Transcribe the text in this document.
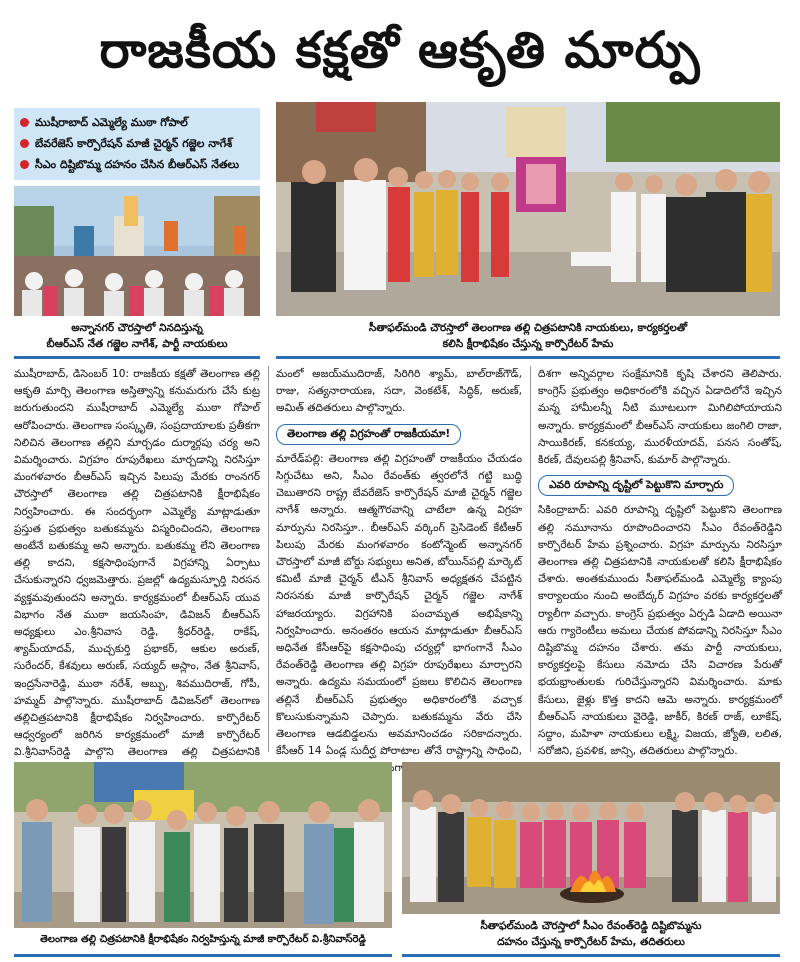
రాజకీయ కక్షతో ఆకృతి మార్పు
ముషీరాబాద్ ఎమ్మెల్యే ముఠా గోపాల్
బేవరేజెస్ కార్పొరేషన్ మాజీ చైర్మన్ గజ్జెల నాగేశ్
సీఎం దిష్టిబొమ్మ దహనం చేసిన బీఆర్ఎస్ నేతలు
అన్నానగర్ చౌరస్తాలో నినదిస్తున్న
బీఆర్ఎస్ నేత గజ్జెల నాగేశ్, పార్టీ నాయకులు
సీతాఫల్‌మండి చౌరస్తాలో తెలంగాణ తల్లి చిత్రపటానికి నాయకులు, కార్యకర్తలతో
కలిసి క్షీరాభిషేకం చేస్తున్న కార్పొరేటర్ హేమ

ముషీరాబాద్, డిసెంబర్ 10: రాజకీయ కక్షతో తెలంగాణ తల్లి ఆకృతి మార్చి తెలంగాణ అస్తిత్వాన్ని కనుమరుగు చేసే కుట్ర జరుగుతుందని ముషీరాబాద్ ఎమ్మెల్యే ముఠా గోపాల్ ఆరోపించారు. తెలంగాణ సంస్కృతి, సంప్రదాయాలకు ప్రతీకగా నిలిచిన తెలంగాణ తల్లిని మార్చడం దుర్మార్గపు చర్య అని విమర్శించారు. విగ్రహం రూపురేఖలు మార్చడాన్ని నిరసిస్తూ మంగళవారం బీఆర్ఎస్ ఇచ్చిన పిలుపు మేరకు రాంనగర్ చౌరస్తాలో తెలంగాణ తల్లి చిత్రపటానికి క్షీరాభిషేకం నిర్వహించారు. ఈ సందర్భంగా ఎమ్మెల్యే మాట్లాడుతూ ప్రస్తుత ప్రభుత్వం బతుకమ్మను విస్మరించిందని, తెలంగాణ అంటేనే బతుకమ్మ అని అన్నారు. బతుకమ్మ లేని తెలంగాణ తల్లి కాదని, కక్షసాధింపుగానే విగ్రహాన్ని ఏర్పాటు చేసుకున్నారని ధ్వజమెత్తారు. ప్రజల్లో ఉద్యమస్ఫూర్తి నిరసన వ్యక్తమవుతుందని అన్నారు. కార్యక్రమంలో బీఆర్ఎస్ యువ విభాగం నేత ముఠా జయసింహ, డివిజన్ బీఆర్ఎస్ అధ్యక్షులు ఎం.శ్రీనివాస రెడ్డి, శ్రీధర్‌రెడ్డి, రాకేష్, శ్యామ్‌యాదవ్, ముచ్చకుర్తి ప్రభాకర్, ఆకుల అరుణ్, సురేందర్, కేశవులు అరుణ్, సయ్యద్ అస్లాం, నేత శ్రీనివాస్, ఇంద్రసేనారెడ్డి, ముఠా నరేశ్, అబ్బు, శివముదిరాజ్, గోపీ, హమ్మద్ పాల్గొన్నారు. ముషీరాబాద్ డివిజన్‌లో తెలంగాణ తల్లిచిత్రపటానికి క్షీరాభిషేకం నిర్వహించారు. కార్పొరేటర్ ఆధ్వర్యంలో జరిగిన కార్యక్రమంలో మాజీ కార్పొరేటర్ వి.శ్రీనివాస్‌రెడ్డి పాల్గొని తెలంగాణ తల్లి చిత్రపటానికి

మంలో అజయ్‌ముదిరాజ్, సిరిగిరి శ్యామ్, బాల్‌రాజ్‌గౌడ్, రాజు, సత్యనారాయణ, సదా, వెంకటేశ్, సిద్ధిక్, అరుణ్, అమిత్ తదితరులు పాల్గొన్నారు.

తెలంగాణ తల్లి విగ్రహంతో రాజకీయమా!

మారేడ్‌పల్లి: తెలంగాణ తల్లి విగ్రహంతో రాజకీయం చేయడం సిగ్గుచేటు అని, సీఎం రేవంత్‌కు త్వరలోనే గట్టి బుద్ధి చెబుతారని రాష్ట్ర బేవరేజెస్ కార్పొరేషన్ మాజీ చైర్మన్ గజ్జెల నాగేశ్ అన్నారు. ఆత్మగౌరవాన్ని చాటేలా ఉన్న విగ్రహ మార్పును నిరసిస్తూ.. బీఆర్ఎస్ వర్కింగ్ ప్రెసిడెంట్ కేటీఆర్ పిలుపు మేరకు మంగళవారం కంటోన్మెంట్ అన్నానగర్ చౌరస్తాలో మాజీ బోర్డు సభ్యులు అనిత, బోయిన్‌పల్లి మార్కెట్ కమిటీ మాజీ చైర్మన్ టీఎన్ శ్రీనివాస్ అధ్యక్షతన చేపట్టిన నిరసనకు మాజీ కార్పొరేషన్ చైర్మన్ గజ్జెల నాగేశ్ హాజరయ్యారు. విగ్రహానికి పంచామృత అభిషేకాన్ని నిర్వహించారు. అనంతరం ఆయన మాట్లాడుతూ బీఆర్ఎస్ అధినేత కేసీఆర్‌పై కక్షసాధింపు చర్యల్లో భాగంగానే సీఎం రేవంత్‌రెడ్డి తెలంగాణ తల్లి విగ్రహ రూపురేఖలు మార్చారని అన్నారు. ఉద్యమ సమయంలో ప్రజలు కొలిచిన తెలంగాణ తల్లినే బీఆర్ఎస్ ప్రభుత్వం అధికారంలోకి వచ్చాక కొలుసుకున్నామని చెప్పారు. బతుకమ్మను వేరు చేసి తెలంగాణ ఆడబిడ్డలను అవమానించడం సరికాదన్నారు. కేసీఆర్ 14 ఏండ్ల సుదీర్ఘ పోరాటాల తోనే రాష్ట్రాన్ని సాధించి, బంగారు

దిశగా అన్నివర్గాల సంక్షేమానికి కృషి చేశారని తెలిపారు. కాంగ్రెస్ ప్రభుత్వం అధికారంలోకి వచ్చిన ఏడాదిలోనే ఇచ్చిన మన్న హామీలన్నీ నీటి మూటలుగా మిగిలిపోయాయని అన్నారు. కార్యక్రమంలో బీఆర్ఎస్ నాయకులు జంగిలి రాజా, సాయికిరణ్, కనకయ్య, మురళీయాదవ్, పనస సంతోష్, కిరణ్, దేవులపల్లి శ్రీనివాస్, కుమార్ పాల్గొన్నారు.

ఎవరి రూపాన్ని దృష్టిలో పెట్టుకొని మార్చారు

సికింద్రాబాద్: ఎవరి రూపాన్ని దృష్టిలో పెట్టుకొని తెలంగాణ తల్లి నమూనాను రూపొందించారని సీఎం రేవంత్‌రెడ్డిని కార్పొరేటర్ హేమ ప్రశ్నించారు. విగ్రహ మార్పును నిరసిస్తూ తెలంగాణ తల్లి చిత్రపటానికి నాయకులతో కలిసి క్షీరాభిషేకం చేశారు. అంతకుముందు సీతాఫల్‌మండి ఎమ్మెల్యే క్యాంపు కార్యాలయం నుంచి అంబేద్కర్ విగ్రహం వరకు కార్యకర్తలతో ర్యాలీగా వచ్చారు. కాంగ్రెస్ ప్రభుత్వం ఏర్పడి ఏడాది అయినా ఆరు గ్యారెంటీలు అమలు చేయక పోవడాన్ని నిరసిస్తూ సీఎం దిష్టిబొమ్మ దహనం చేశారు. తమ పార్టీ నాయకులు, కార్యకర్తలపై కేసులు నమోదు చేసి విచారణ పేరుతో భయభ్రాంతులకు గురిచేస్తున్నారని విమర్శించారు. మాకు కేసులు, జైళ్లు కొత్త కాదని ఆమె అన్నారు. కార్యక్రమంలో బీఆర్ఎస్ నాయకులు వైరెడ్డి, జాకీర్, కిరణ్ రాజ్, లూకేష్, సద్దాం, మహిళా నాయకులు లక్ష్మి, విజయ, జ్యోతి, లలిత, సరోజిని, ప్రవళిక, జాన్సి, తదితరులు పాల్గొన్నారు.

తెలంగాణ తల్లి చిత్రపటానికి క్షీరాభిషేకం నిర్వహిస్తున్న మాజీ కార్పొరేటర్ వి.శ్రీనివాస్‌రెడ్డి
సీతాఫల్‌మండి చౌరస్తాలో సీఎం రేవంత్‌రెడ్డి దిష్టిబొమ్మను
దహనం చేస్తున్న కార్పొరేటర్ హేమ, తదితరులు
